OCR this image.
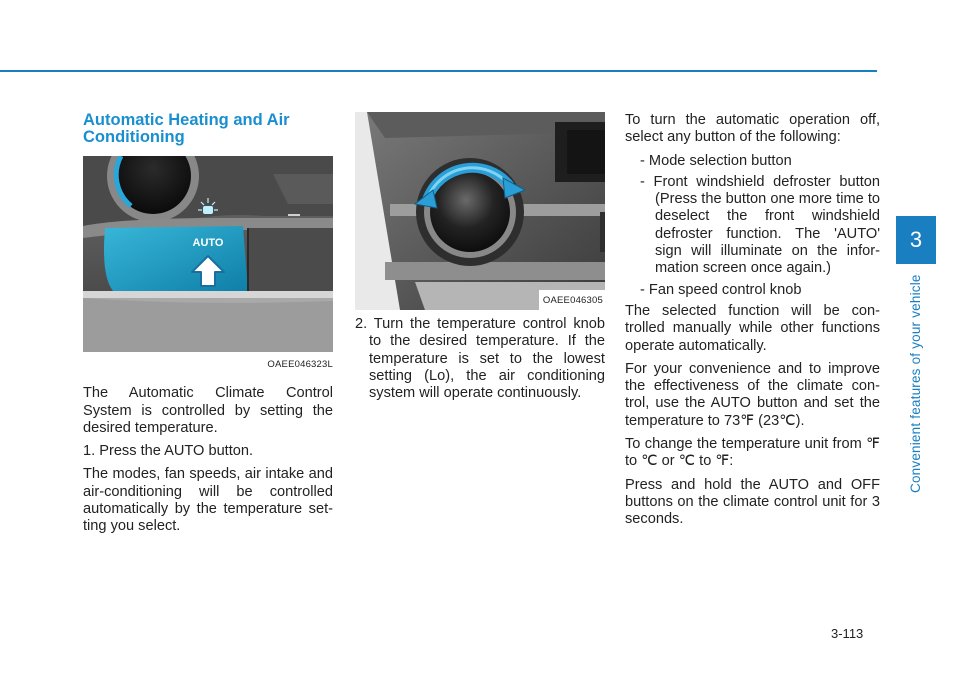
3
Convenient features of your vehicle
Automatic Heating and Air Conditioning
AUTO
OAEE046323L

The Automatic Climate Control System is controlled by setting the desired temperature.

1. Press the AUTO button.

The modes, fan speeds, air intake and air-conditioning will be controlled automatically by the temperature set-ting you select.

OAEE046305

2. Turn the temperature control knob to the desired temperature. If the temperature is set to the lowest setting (Lo), the air conditioning system will operate continuously.

To turn the automatic operation off, select any button of the following:

- Mode selection button

- Front windshield defroster button (Press the button one more time to deselect the front windshield defroster function. The 'AUTO' sign will illuminate on the infor-mation screen once again.)

- Fan speed control knob

The selected function will be con-trolled manually while other functions operate automatically.

For your convenience and to improve the effectiveness of the climate con-trol, use the AUTO button and set the temperature to 73℉ (23℃).

To change the temperature unit from ℉ to ℃ or ℃ to ℉:

Press and hold the AUTO and OFF buttons on the climate control unit for 3 seconds.

3-113
